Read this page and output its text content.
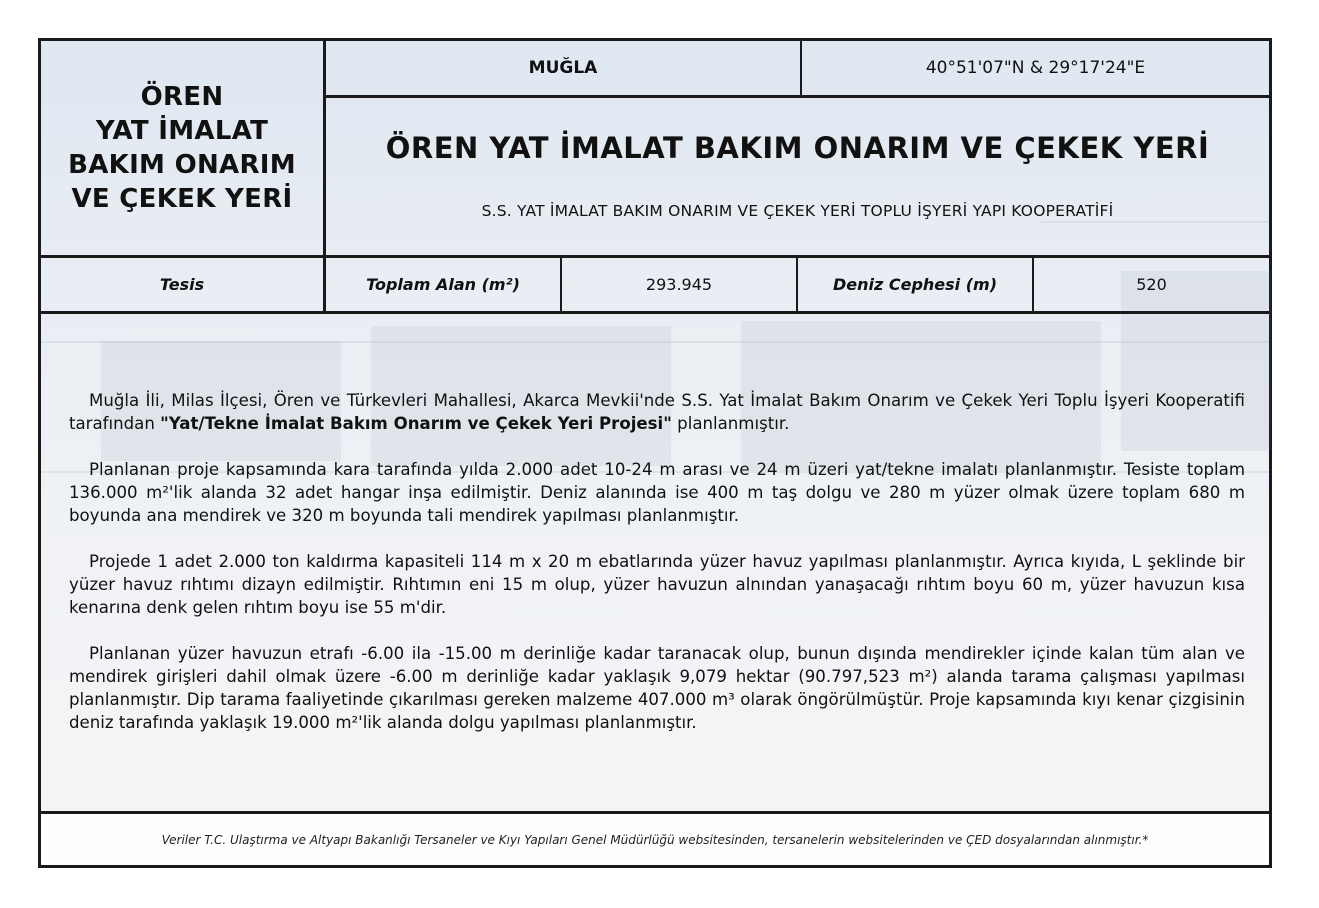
ÖREN
YAT İMALAT
BAKIM ONARIM
VE ÇEKEK YERİ
MUĞLA	40°51'07"N & 29°17'24"E
ÖREN YAT İMALAT BAKIM ONARIM VE ÇEKEK YERİ
S.S. YAT İMALAT BAKIM ONARIM VE ÇEKEK YERİ TOPLU İŞYERİ YAPI KOOPERATİFİ
Tesis	Toplam Alan (m²)	293.945	Deniz Cephesi (m)	520

Muğla İli, Milas İlçesi, Ören ve Türkevleri Mahallesi, Akarca Mevkii'nde S.S. Yat İmalat Bakım Onarım ve Çekek Yeri Toplu İşyeri Kooperatifi tarafından "Yat/Tekne İmalat Bakım Onarım ve Çekek Yeri Projesi" planlanmıştır.

Planlanan proje kapsamında kara tarafında yılda 2.000 adet 10-24 m arası ve 24 m üzeri yat/tekne imalatı planlanmıştır. Tesiste toplam 136.000 m²'lik alanda 32 adet hangar inşa edilmiştir. Deniz alanında ise 400 m taş dolgu ve 280 m yüzer olmak üzere toplam 680 m boyunda ana mendirek ve 320 m boyunda tali mendirek yapılması planlanmıştır.

Projede 1 adet 2.000 ton kaldırma kapasiteli 114 m x 20 m ebatlarında yüzer havuz yapılması planlanmıştır. Ayrıca kıyıda, L şeklinde bir yüzer havuz rıhtımı dizayn edilmiştir. Rıhtımın eni 15 m olup, yüzer havuzun alnından yanaşacağı rıhtım boyu 60 m, yüzer havuzun kısa kenarına denk gelen rıhtım boyu ise 55 m'dir.

Planlanan yüzer havuzun etrafı -6.00 ila -15.00 m derinliğe kadar taranacak olup, bunun dışında mendirekler içinde kalan tüm alan ve mendirek girişleri dahil olmak üzere -6.00 m derinliğe kadar yaklaşık 9,079 hektar (90.797,523 m²) alanda tarama çalışması yapılması planlanmıştır. Dip tarama faaliyetinde çıkarılması gereken malzeme 407.000 m³ olarak öngörülmüştür. Proje kapsamında kıyı kenar çizgisinin deniz tarafında yaklaşık 19.000 m²'lik alanda dolgu yapılması planlanmıştır.

Veriler T.C. Ulaştırma ve Altyapı Bakanlığı Tersaneler ve Kıyı Yapıları Genel Müdürlüğü websitesinden, tersanelerin websitelerinden ve ÇED dosyalarından alınmıştır.*
